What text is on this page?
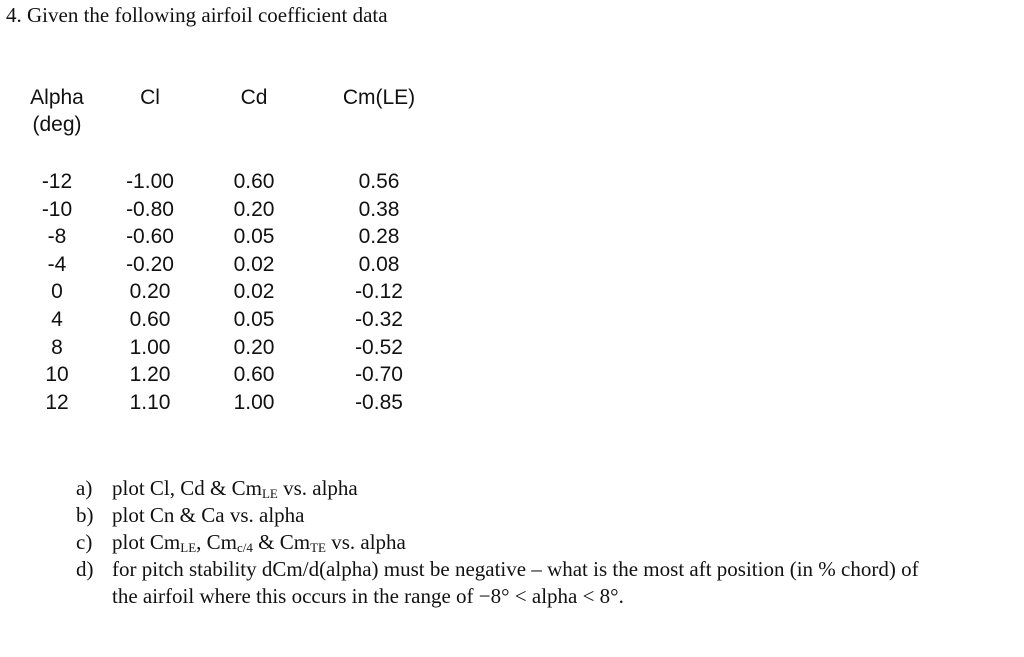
4. Given the following airfoil coefficient data
Alpha
(deg)	Cl	Cd	Cm(LE)
-12	-1.00	0.60	0.56
-10	-0.80	0.20	0.38
-8	-0.60	0.05	0.28
-4	-0.20	0.02	0.08
0	0.20	0.02	-0.12
4	0.60	0.05	-0.32
8	1.00	0.20	-0.52
10	1.20	0.60	-0.70
12	1.10	1.00	-0.85
a) plot Cl, Cd & $Cm_{LE}$ vs. alpha
b) plot Cn & Ca vs. alpha
c) plot $Cm_{LE}$, $Cm_{c/4}$ & $Cm_{TE}$ vs. alpha
d) for pitch stability dCm/d(alpha) must be negative – what is the most aft position (in % chord) of the airfoil where this occurs in the range of −8° < alpha < 8°.
